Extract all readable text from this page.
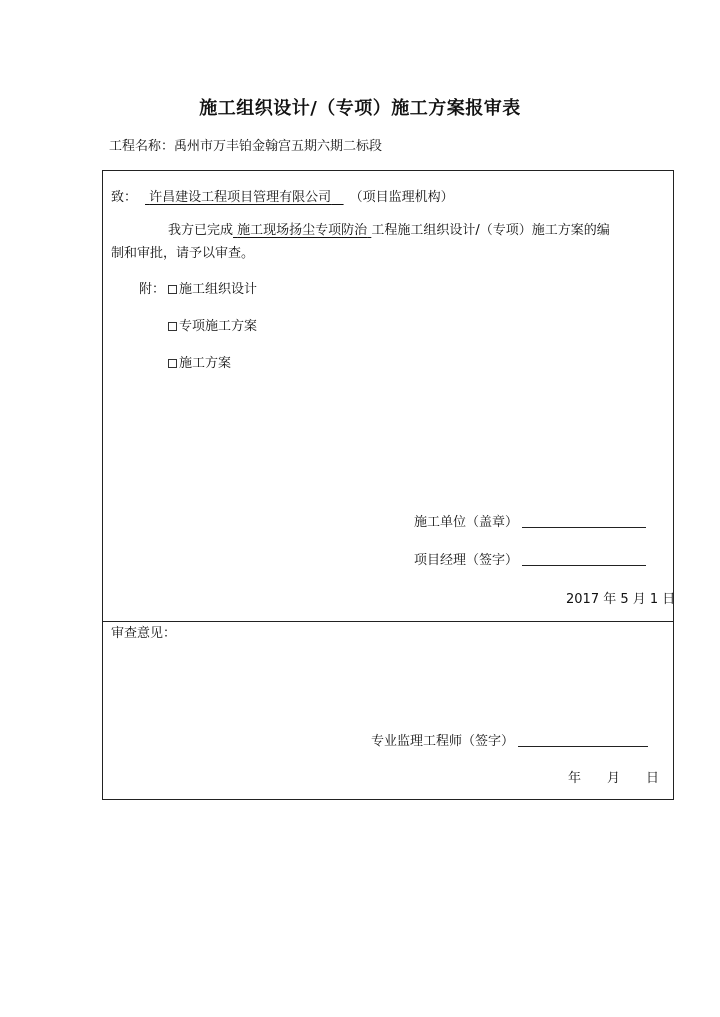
施工组织设计/（专项）施工方案报审表
工程名称：禹州市万丰铂金翰宫五期六期二标段
致： 许昌建设工程项目管理有限公司 （项目监理机构）
我方已完成 施工现场扬尘专项防治 工程施工组织设计/（专项）施工方案的编
制和审批，请予以审查。
附：	施工组织设计
专项施工方案
施工方案
施工单位（盖章）
项目经理（签字）
2017 年 5 月 1 日
审查意见：
专业监理工程师（签字）
年 月 日
